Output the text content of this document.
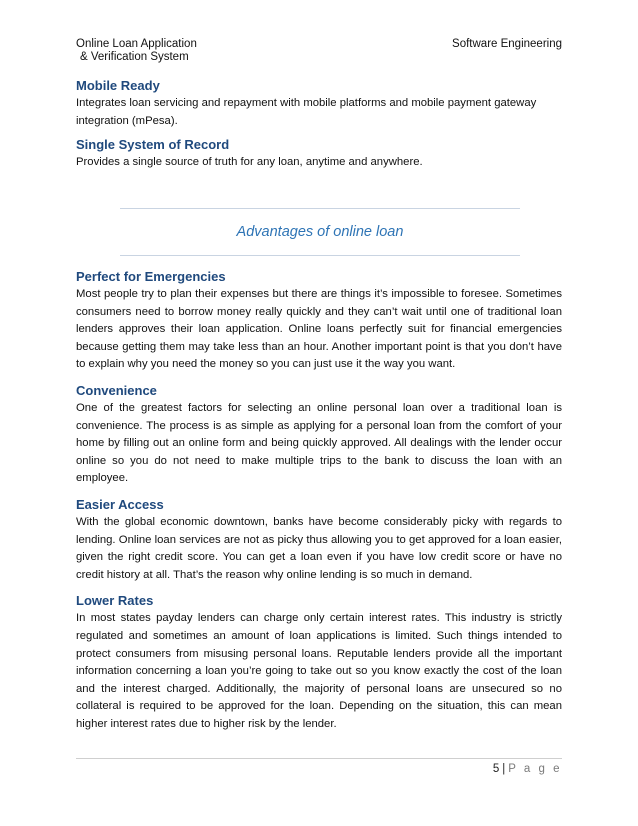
Online Loan Application
& Verification System
Software Engineering
Mobile Ready

Integrates loan servicing and repayment with mobile platforms and mobile payment gateway integration (mPesa).

Single System of Record

Provides a single source of truth for any loan, anytime and anywhere.

Advantages of online loan
Perfect for Emergencies

Most people try to plan their expenses but there are things it’s impossible to foresee. Sometimes consumers need to borrow money really quickly and they can’t wait until one of traditional loan lenders approves their loan application. Online loans perfectly suit for financial emergencies because getting them may take less than an hour. Another important point is that you don’t have to explain why you need the money so you can just use it the way you want.

Convenience

One of the greatest factors for selecting an online personal loan over a traditional loan is convenience. The process is as simple as applying for a personal loan from the comfort of your home by filling out an online form and being quickly approved. All dealings with the lender occur online so you do not need to make multiple trips to the bank to discuss the loan with an employee.

Easier Access

With the global economic downtown, banks have become considerably picky with regards to lending. Online loan services are not as picky thus allowing you to get approved for a loan easier, given the right credit score. You can get a loan even if you have low credit score or have no credit history at all. That’s the reason why online lending is so much in demand.

Lower Rates

In most states payday lenders can charge only certain interest rates. This industry is strictly regulated and sometimes an amount of loan applications is limited. Such things intended to protect consumers from misusing personal loans. Reputable lenders provide all the important information concerning a loan you’re going to take out so you know exactly the cost of the loan and the interest charged. Additionally, the majority of personal loans are unsecured so no collateral is required to be approved for the loan. Depending on the situation, this can mean higher interest rates due to higher risk by the lender.

5 | P a g e
